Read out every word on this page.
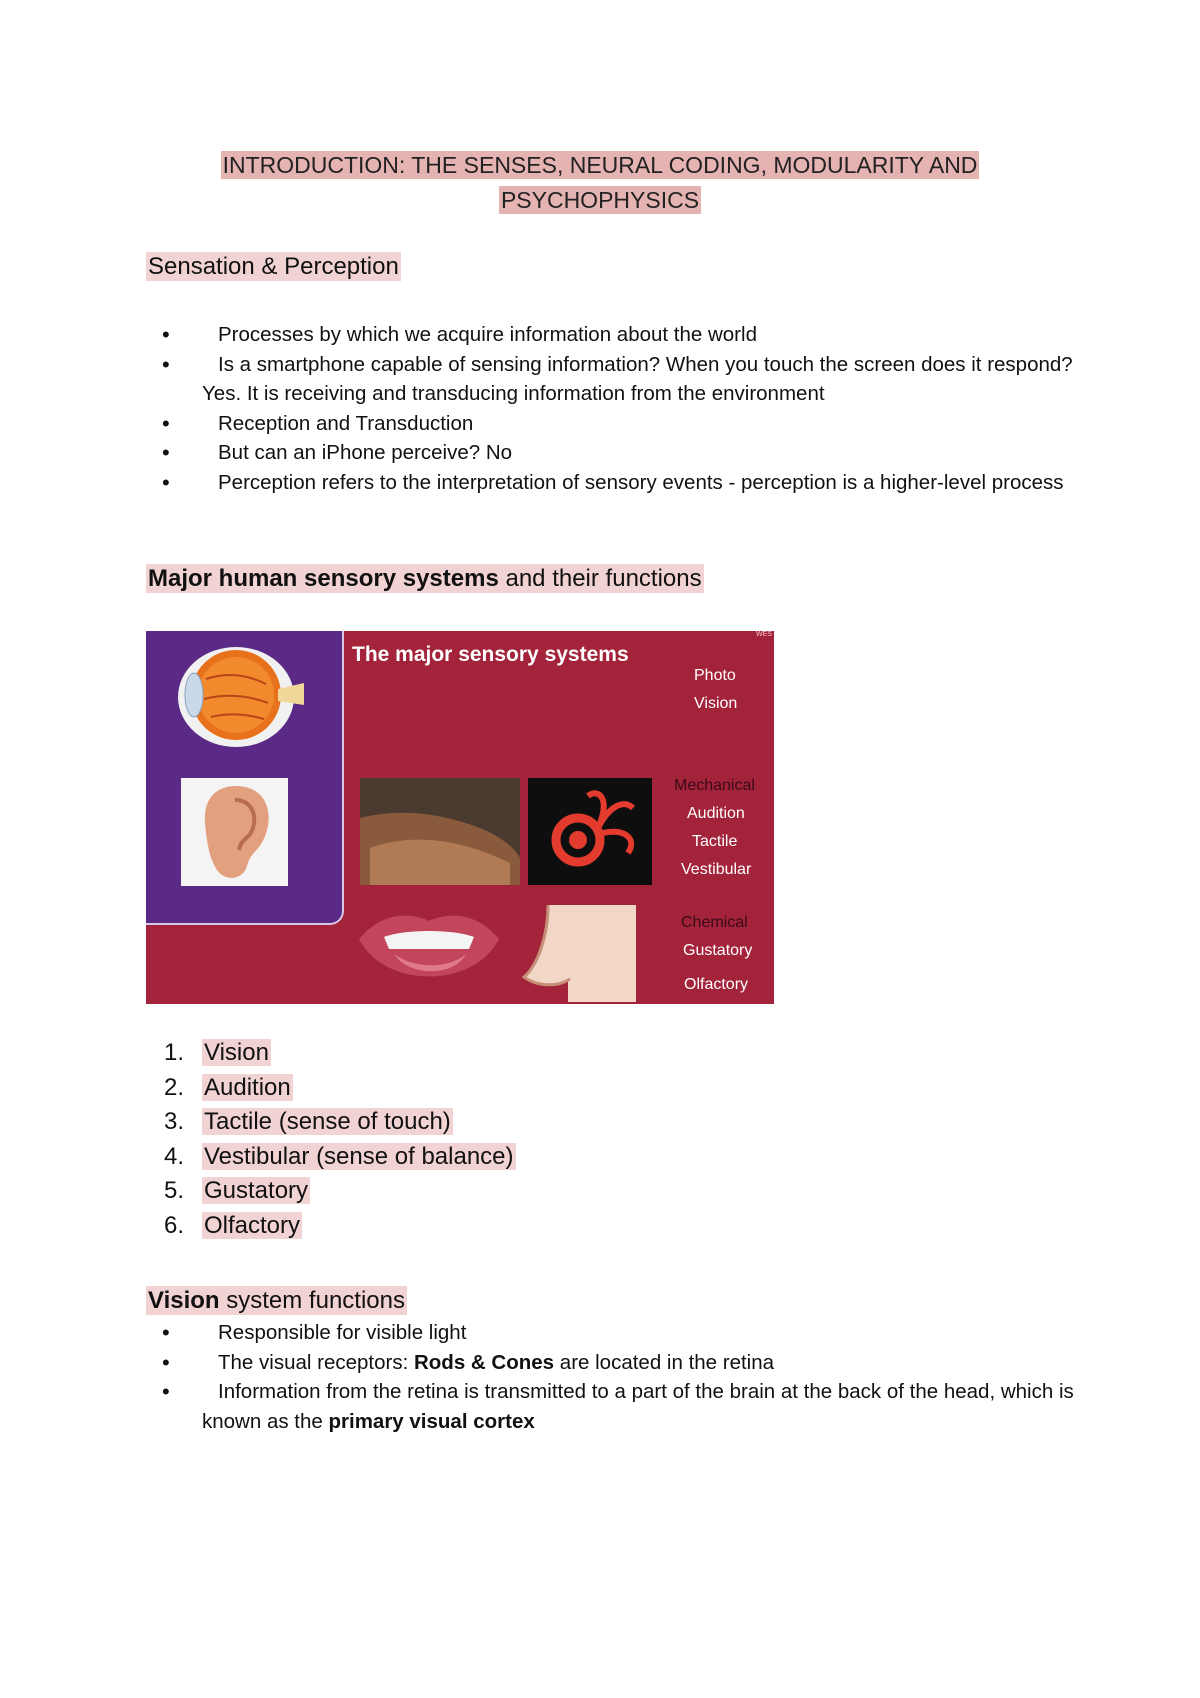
INTRODUCTION: THE SENSES, NEURAL CODING, MODULARITY AND
PSYCHOPHYSICS
Sensation & Perception
• Processes by which we acquire information about the world
• Is a smartphone capable of sensing information? When you touch the screen does it respond? Yes. It is receiving and transducing information from the environment
• Reception and Transduction
• But can an iPhone perceive? No
• Perception refers to the interpretation of sensory events - perception is a higher-level process
Major human sensory systems and their functions
The major sensory systems
WES
Photo
Vision
Mechanical
Audition
Tactile
Vestibular
Chemical
Gustatory
Olfactory
1. Vision
2. Audition
3. Tactile (sense of touch)
4. Vestibular (sense of balance)
5. Gustatory
6. Olfactory
Vision system functions
• Responsible for visible light
• The visual receptors: Rods & Cones are located in the retina
• Information from the retina is transmitted to a part of the brain at the back of the head, which is known as the primary visual cortex
